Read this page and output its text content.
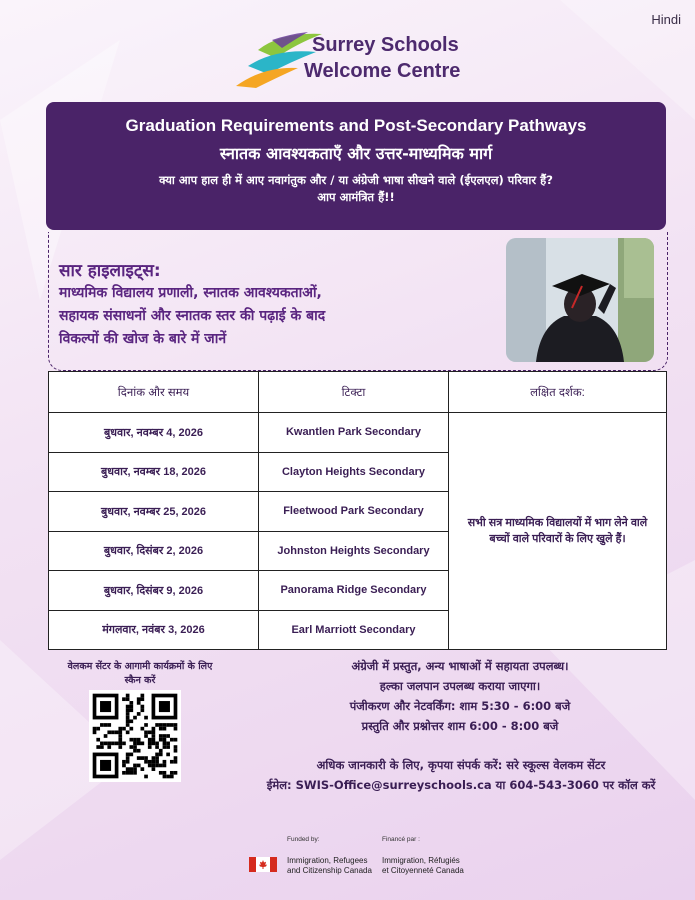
Hindi
Surrey Schools
Welcome Centre
Graduation Requirements and Post-Secondary Pathways
स्नातक आवश्यकताएँ और उत्तर-माध्यमिक मार्ग
क्या आप हाल ही में आए नवागंतुक और / या अंग्रेजी भाषा सीखने वाले (ईएलएल) परिवार हैं?
आप आमंत्रित हैं!!
सार हाइलाइट्स:
माध्यमिक विद्यालय प्रणाली, स्नातक आवश्यकताओं,
सहायक संसाधनों और स्नातक स्तर की पढ़ाई के बाद
विकल्पों की खोज के बारे में जानें
दिनांक और समय	टिक्टा	लक्षित दर्शक:
बुधवार, नवम्बर 4, 2026	Kwantlen Park Secondary	सभी सत्र माध्यमिक विद्यालयों में भाग लेने वाले बच्चों वाले परिवारों के लिए खुले हैं।
बुधवार, नवम्बर 18, 2026	Clayton Heights Secondary	
बुधवार, नवम्बर 25, 2026	Fleetwood Park Secondary	
बुधवार, दिसंबर 2, 2026	Johnston Heights Secondary	
बुधवार, दिसंबर 9, 2026	Panorama Ridge Secondary	
मंगलवार, नवंबर 3, 2026	Earl Marriott Secondary	
वेलकम सेंटर के आगामी कार्यक्रमों के लिए
स्कैन करें
अंग्रेजी में प्रस्तुत, अन्य भाषाओं में सहायता उपलब्ध।
हल्का जलपान उपलब्ध कराया जाएगा।
पंजीकरण और नेटवर्किंग: शाम 5:30 - 6:00 बजे
प्रस्तुति और प्रश्नोत्तर शाम 6:00 - 8:00 बजे
अधिक जानकारी के लिए, कृपया संपर्क करें: सरे स्कूल्स वेलकम सेंटर
ईमेल: SWIS-Office@surreyschools.ca या 604-543-3060 पर कॉल करें
Funded by:	Financé par :
Immigration, Refugees
and Citizenship Canada
Immigration, Réfugiés
et Citoyenneté Canada
